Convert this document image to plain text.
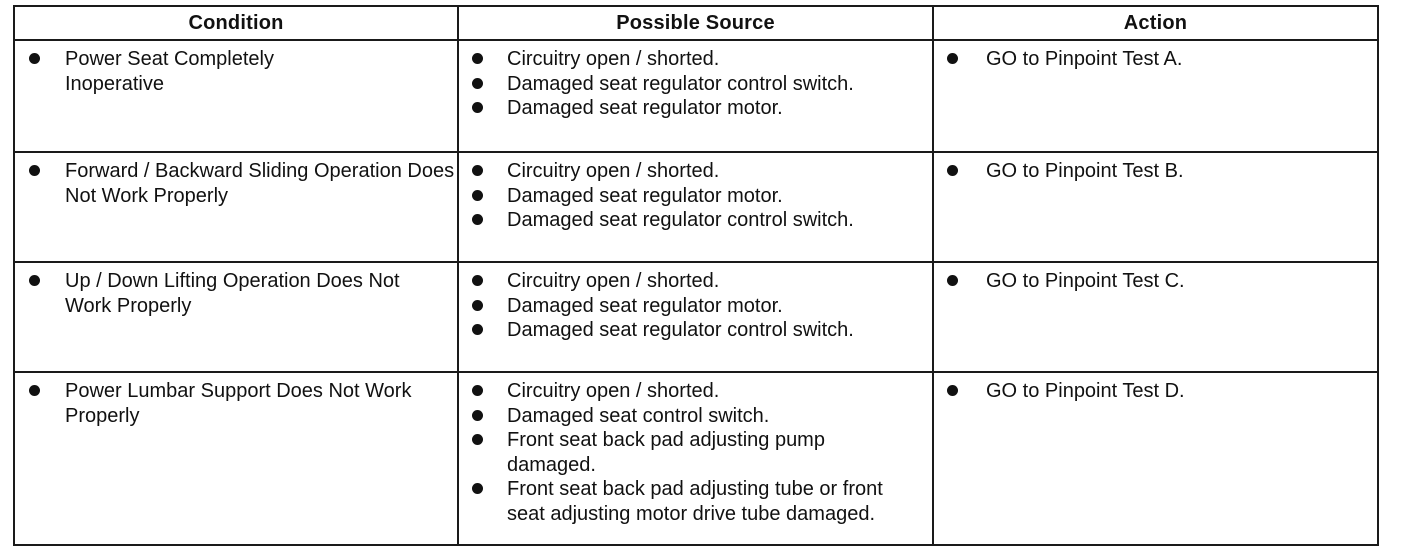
Condition	Possible Source	Action
Power Seat Completely Inoperative
Circuitry open / shorted.
Damaged seat regulator control switch.
Damaged seat regulator motor.
GO to Pinpoint Test A.
Forward / Backward Sliding Operation Does Not Work Properly
Circuitry open / shorted.
Damaged seat regulator motor.
Damaged seat regulator control switch.
GO to Pinpoint Test B.
Up / Down Lifting Operation Does Not Work Properly
Circuitry open / shorted.
Damaged seat regulator motor.
Damaged seat regulator control switch.
GO to Pinpoint Test C.
Power Lumbar Support Does Not Work Properly
Circuitry open / shorted.
Damaged seat control switch.
Front seat back pad adjusting pump damaged.
Front seat back pad adjusting tube or front seat adjusting motor drive tube damaged.
GO to Pinpoint Test D.
